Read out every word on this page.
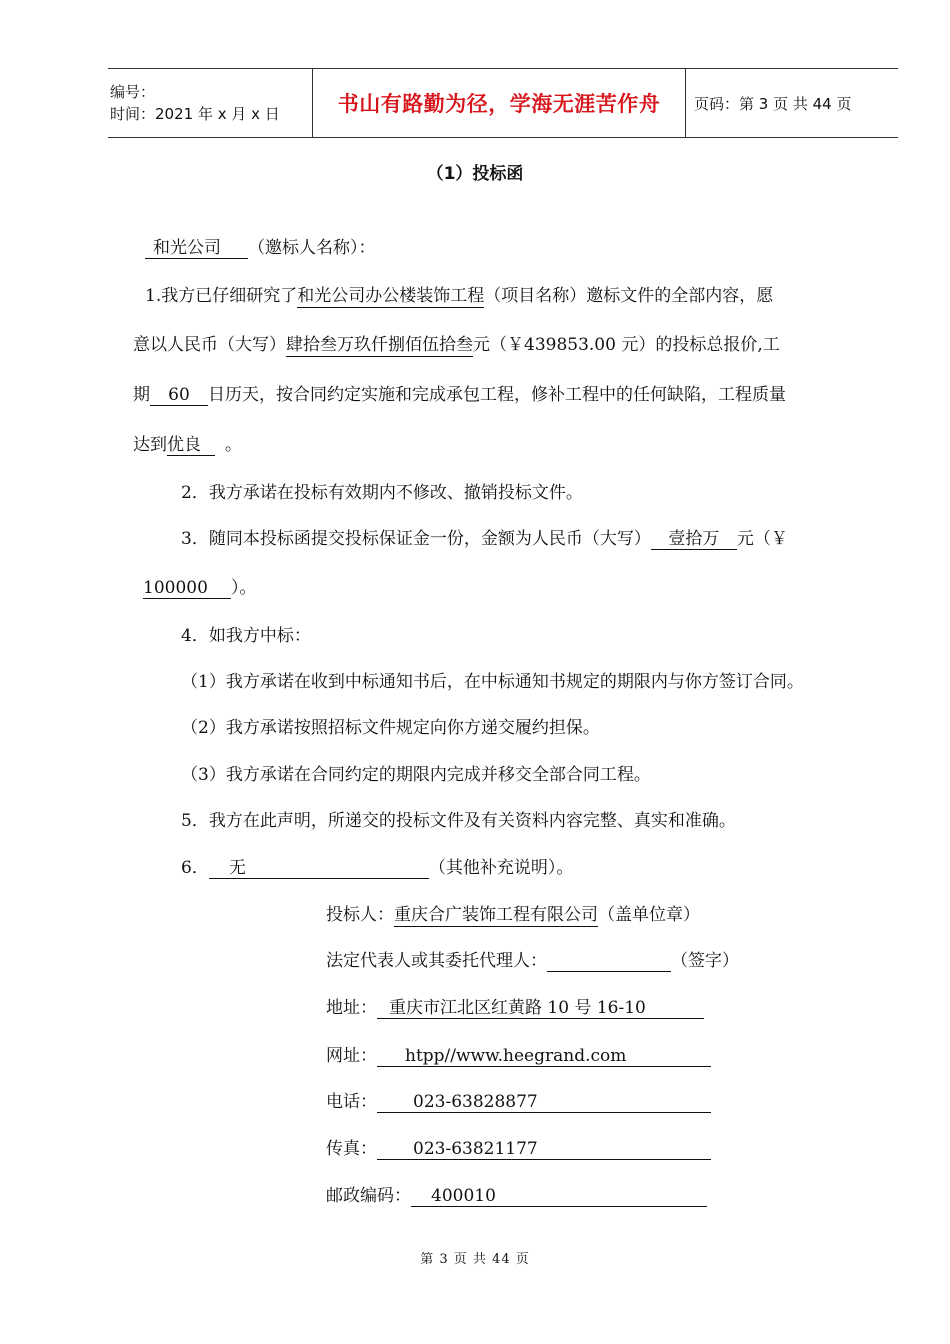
编号：
时间：2021 年 x 月 x 日	书山有路勤为径，学海无涯苦作舟	页码：第 3 页 共 44 页
（1）投标函
和光公司 （邀标人名称）：
1.我方已仔细研究了和光公司办公楼装饰工程（项目名称）邀标文件的全部内容，愿
意以人民币（大写）肆拾叁万玖仟捌佰伍拾叁元（￥439853.00 元）的投标总报价,工
期 60 日历天，按合同约定实施和完成承包工程，修补工程中的任何缺陷，工程质量
达到优良 。
2．我方承诺在投标有效期内不修改、撤销投标文件。
3．随同本投标函提交投标保证金一份，金额为人民币（大写） 壹拾万 元（￥
100000 ）。
4．如我方中标：
（1）我方承诺在收到中标通知书后，在中标通知书规定的期限内与你方签订合同。
（2）我方承诺按照招标文件规定向你方递交履约担保。
（3）我方承诺在合同约定的期限内完成并移交全部合同工程。
5．我方在此声明，所递交的投标文件及有关资料内容完整、真实和准确。
6． 无	（其他补充说明）。
投标人：重庆合广装饰工程有限公司（盖单位章）
法定代表人或其委托代理人：	（签字）
地址： 重庆市江北区红黄路 10 号 16-10
网址： htpp//www.heegrand.com
电话： 023-63828877
传真： 023-63821177
邮政编码： 400010
第 3 页 共 44 页
